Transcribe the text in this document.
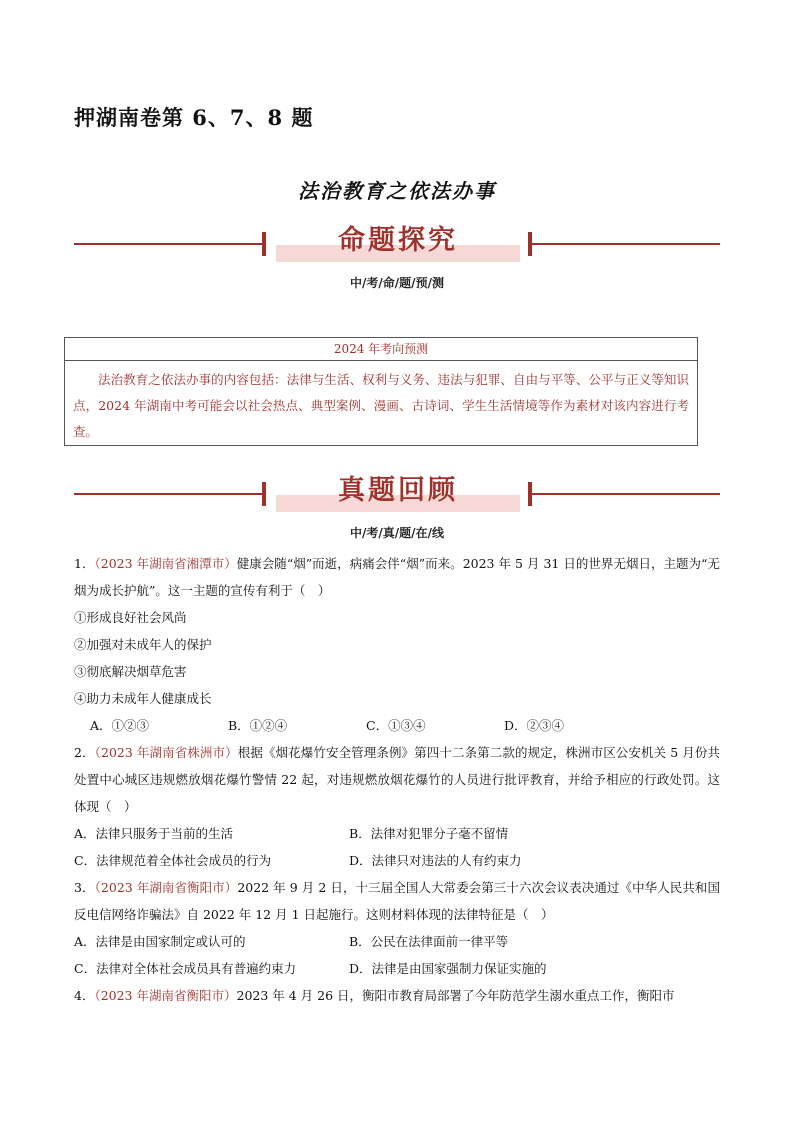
押湖南卷第 6、7、8 题
法治教育之依法办事
命题探究
中/考/命/题/预/测
2024 年考向预测
法治教育之依法办事的内容包括：法律与生活、权利与义务、违法与犯罪、自由与平等、公平与正义等知识点，2024 年湖南中考可能会以社会热点、典型案例、漫画、古诗词、学生生活情境等作为素材对该内容进行考查。
真题回顾
中/考/真/题/在/线
1．（2023 年湖南省湘潭市）健康会随“烟”而逝，病痛会伴“烟”而来。2023 年 5 月 31 日的世界无烟日，主题为“无烟为成长护航”。这一主题的宣传有利于（　）
①形成良好社会风尚
②加强对未成年人的保护
③彻底解决烟草危害
④助力未成年人健康成长
A．①②③	B．①②④	C．①③④	D．②③④
2．（2023 年湖南省株洲市）根据《烟花爆竹安全管理条例》第四十二条第二款的规定，株洲市区公安机关 5 月份共处置中心城区违规燃放烟花爆竹警情 22 起，对违规燃放烟花爆竹的人员进行批评教育，并给予相应的行政处罚。这体现（　）
A．法律只服务于当前的生活	B．法律对犯罪分子毫不留情
C．法律规范着全体社会成员的行为	D．法律只对违法的人有约束力
3．（2023 年湖南省衡阳市）2022 年 9 月 2 日，十三届全国人大常委会第三十六次会议表决通过《中华人民共和国反电信网络诈骗法》自 2022 年 12 月 1 日起施行。这则材料体现的法律特征是（　）
A．法律是由国家制定或认可的	B．公民在法律面前一律平等
C．法律对全体社会成员具有普遍约束力	D．法律是由国家强制力保证实施的
4．（2023 年湖南省衡阳市）2023 年 4 月 26 日，衡阳市教育局部署了今年防范学生溺水重点工作，衡阳市
